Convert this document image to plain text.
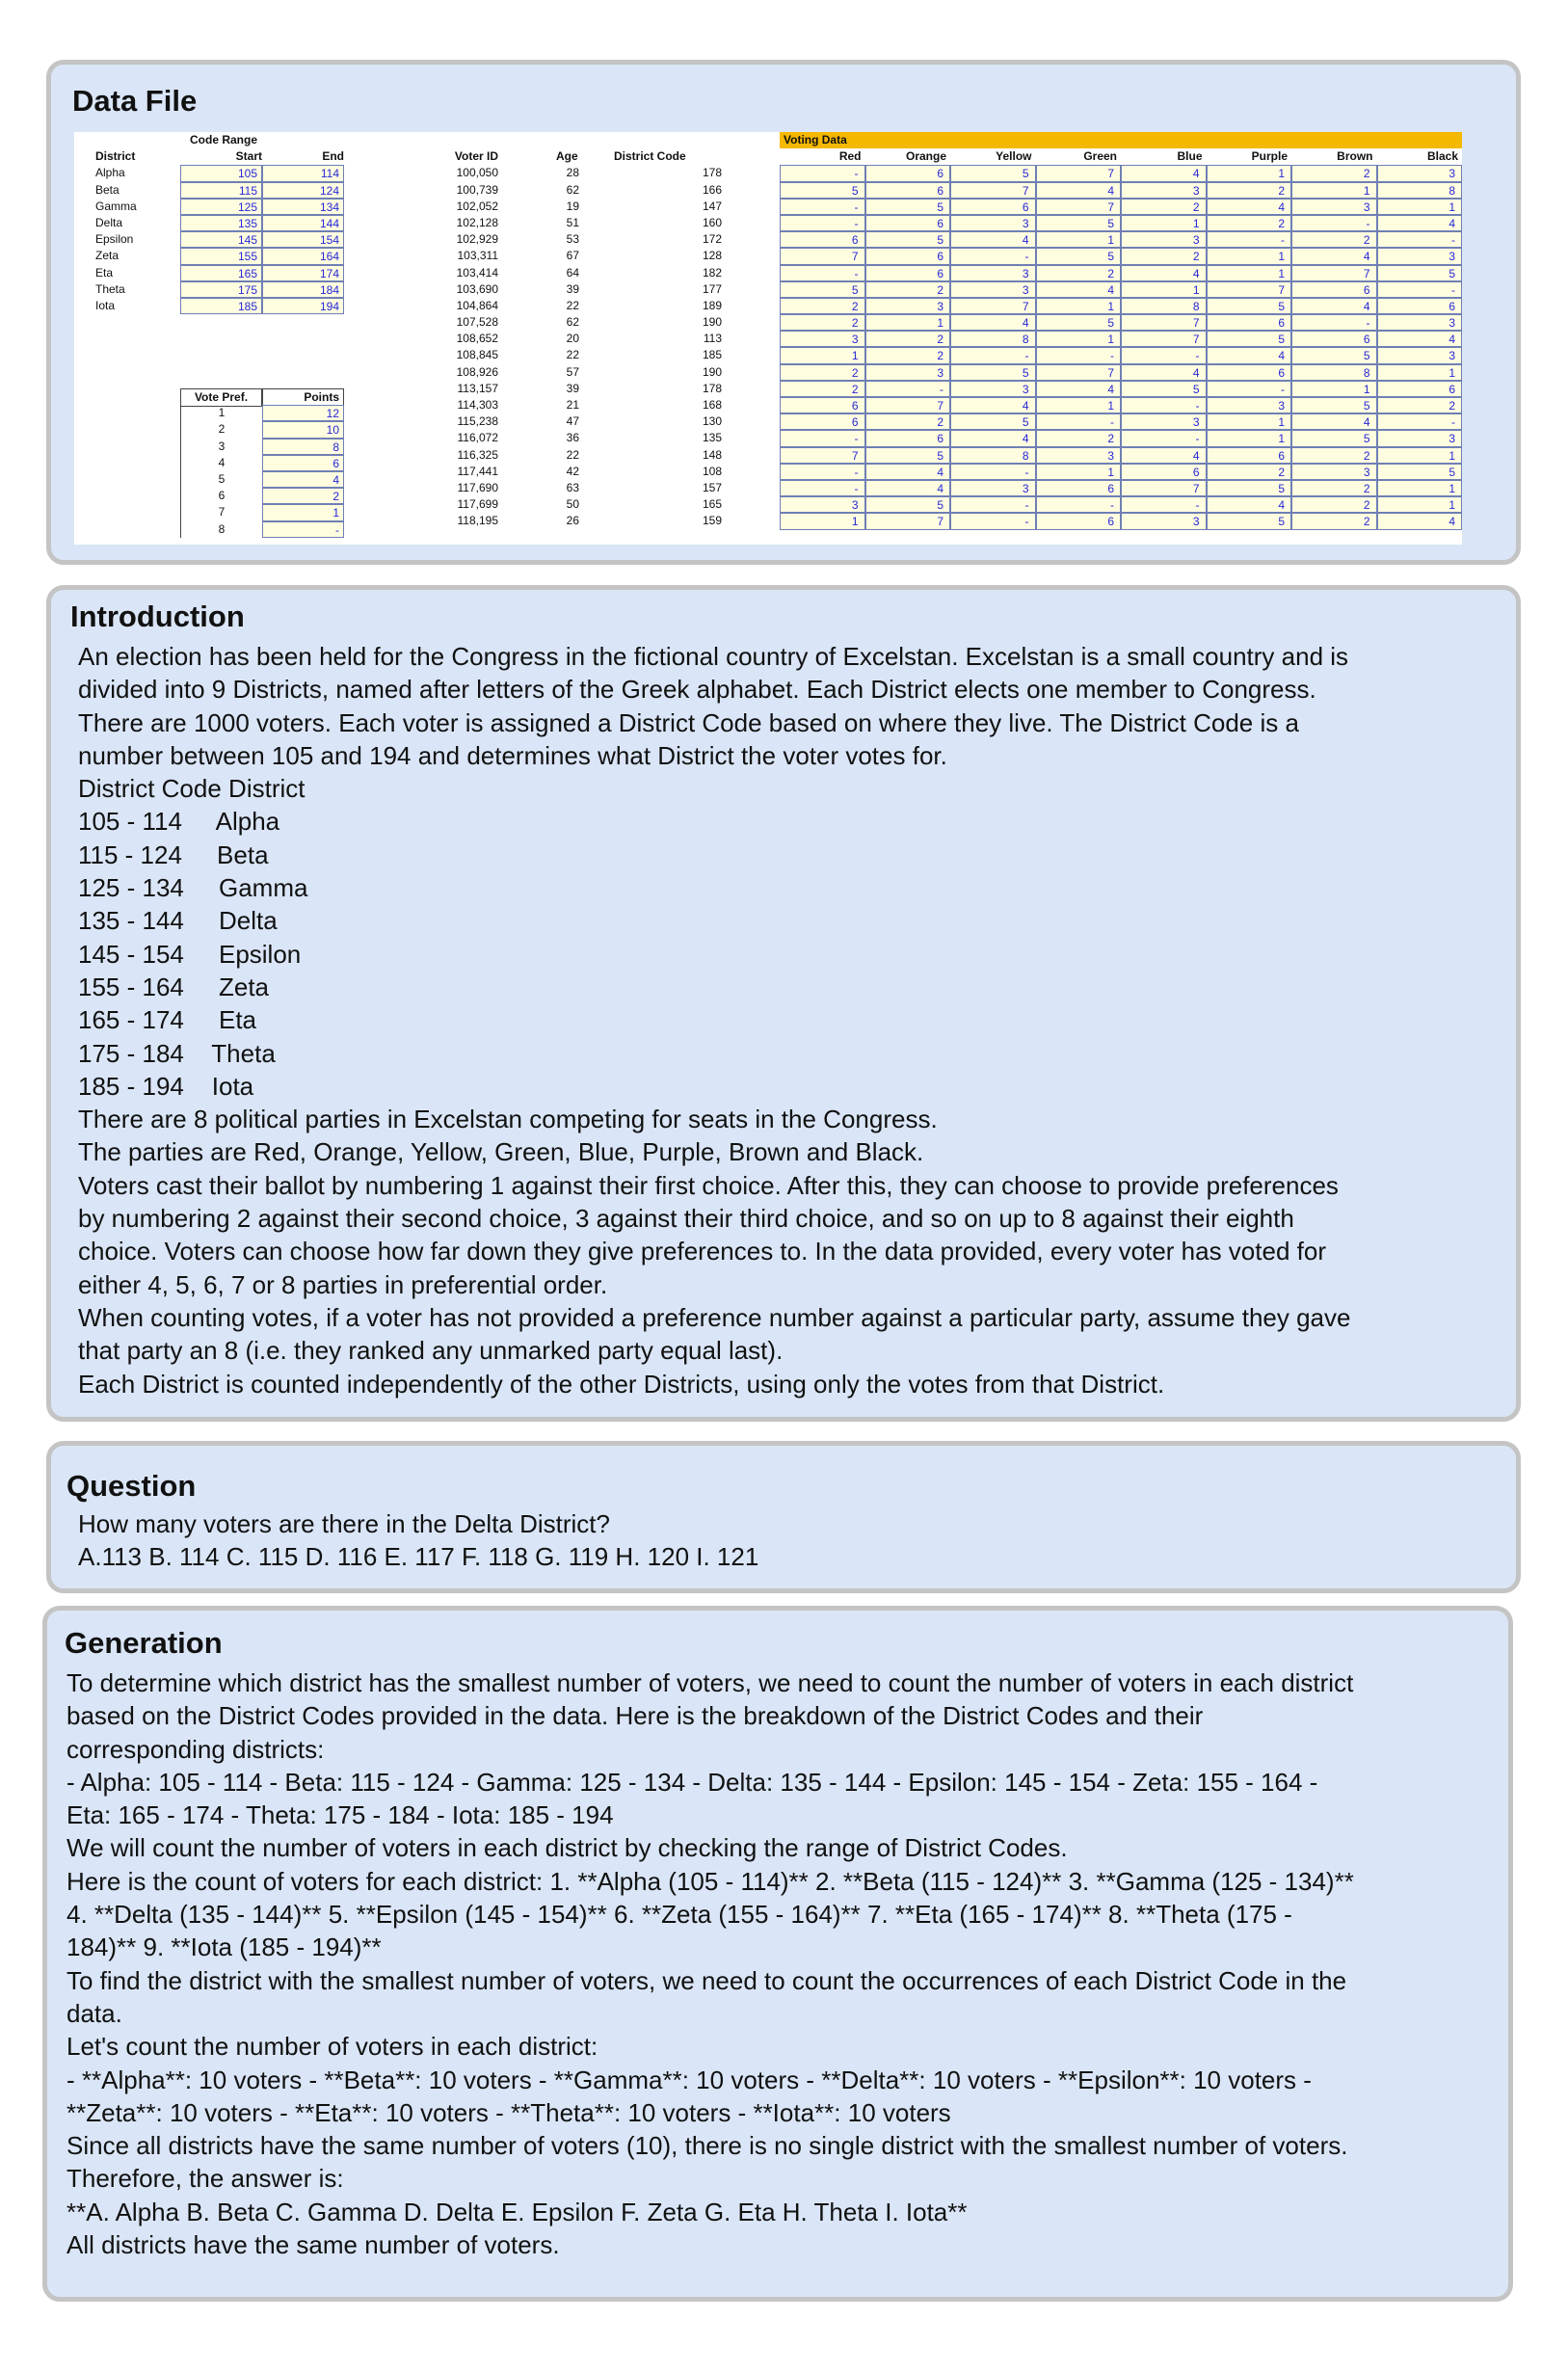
Data File
Code Range
District	Start	End
Alpha	105	114
Beta	115	124
Gamma	125	134
Delta	135	144
Epsilon	145	154
Zeta	155	164
Eta	165	174
Theta	175	184
Iota	185	194
Vote Pref.	Points
1	12
2	10
3	8
4	6
5	4
6	2
7	1
8	-
Voter ID	Age	District Code
100,050	28	178
100,739	62	166
102,052	19	147
102,128	51	160
102,929	53	172
103,311	67	128
103,414	64	182
103,690	39	177
104,864	22	189
107,528	62	190
108,652	20	113
108,845	22	185
108,926	57	190
113,157	39	178
114,303	21	168
115,238	47	130
116,072	36	135
116,325	22	148
117,441	42	108
117,690	63	157
117,699	50	165
118,195	26	159
Voting Data
Red	Orange	Yellow	Green	Blue	Purple	Brown	Black
-	6	5	7	4	1	2	3
5	6	7	4	3	2	1	8
-	5	6	7	2	4	3	1
-	6	3	5	1	2	-	4
6	5	4	1	3	-	2	-
7	6	-	5	2	1	4	3
-	6	3	2	4	1	7	5
5	2	3	4	1	7	6	-
2	3	7	1	8	5	4	6
2	1	4	5	7	6	-	3
3	2	8	1	7	5	6	4
1	2	-	-	-	4	5	3
2	3	5	7	4	6	8	1
2	-	3	4	5	-	1	6
6	7	4	1	-	3	5	2
6	2	5	-	3	1	4	-
-	6	4	2	-	1	5	3
7	5	8	3	4	6	2	1
-	4	-	1	6	2	3	5
-	4	3	6	7	5	2	1
3	5	-	-	-	4	2	1
1	7	-	6	3	5	2	4
Introduction
An election has been held for the Congress in the fictional country of Excelstan. Excelstan is a small country and is
divided into 9 Districts, named after letters of the Greek alphabet. Each District elects one member to Congress.
There are 1000 voters. Each voter is assigned a District Code based on where they live. The District Code is a
number between 105 and 194 and determines what District the voter votes for.
District Code District
105 - 114     Alpha
115 - 124     Beta
125 - 134     Gamma
135 - 144     Delta
145 - 154     Epsilon
155 - 164     Zeta
165 - 174     Eta
175 - 184    Theta
185 - 194    Iota
There are 8 political parties in Excelstan competing for seats in the Congress.
The parties are Red, Orange, Yellow, Green, Blue, Purple, Brown and Black.
Voters cast their ballot by numbering 1 against their first choice. After this, they can choose to provide preferences
by numbering 2 against their second choice, 3 against their third choice, and so on up to 8 against their eighth
choice. Voters can choose how far down they give preferences to. In the data provided, every voter has voted for
either 4, 5, 6, 7 or 8 parties in preferential order.
When counting votes, if a voter has not provided a preference number against a particular party, assume they gave
that party an 8 (i.e. they ranked any unmarked party equal last).
Each District is counted independently of the other Districts, using only the votes from that District.
Question
How many voters are there in the Delta District?
A.113 B. 114 C. 115 D. 116 E. 117 F. 118 G. 119 H. 120 I. 121
Generation
To determine which district has the smallest number of voters, we need to count the number of voters in each district
based on the District Codes provided in the data. Here is the breakdown of the District Codes and their
corresponding districts:
- Alpha: 105 - 114 - Beta: 115 - 124 - Gamma: 125 - 134 - Delta: 135 - 144 - Epsilon: 145 - 154 - Zeta: 155 - 164 -
Eta: 165 - 174 - Theta: 175 - 184 - Iota: 185 - 194
We will count the number of voters in each district by checking the range of District Codes.
Here is the count of voters for each district: 1. **Alpha (105 - 114)** 2. **Beta (115 - 124)** 3. **Gamma (125 - 134)**
4. **Delta (135 - 144)** 5. **Epsilon (145 - 154)** 6. **Zeta (155 - 164)** 7. **Eta (165 - 174)** 8. **Theta (175 -
184)** 9. **Iota (185 - 194)**
To find the district with the smallest number of voters, we need to count the occurrences of each District Code in the
data.
Let's count the number of voters in each district:
- **Alpha**: 10 voters - **Beta**: 10 voters - **Gamma**: 10 voters - **Delta**: 10 voters - **Epsilon**: 10 voters -
**Zeta**: 10 voters - **Eta**: 10 voters - **Theta**: 10 voters - **Iota**: 10 voters
Since all districts have the same number of voters (10), there is no single district with the smallest number of voters.
Therefore, the answer is:
**A. Alpha B. Beta C. Gamma D. Delta E. Epsilon F. Zeta G. Eta H. Theta I. Iota**
All districts have the same number of voters.
